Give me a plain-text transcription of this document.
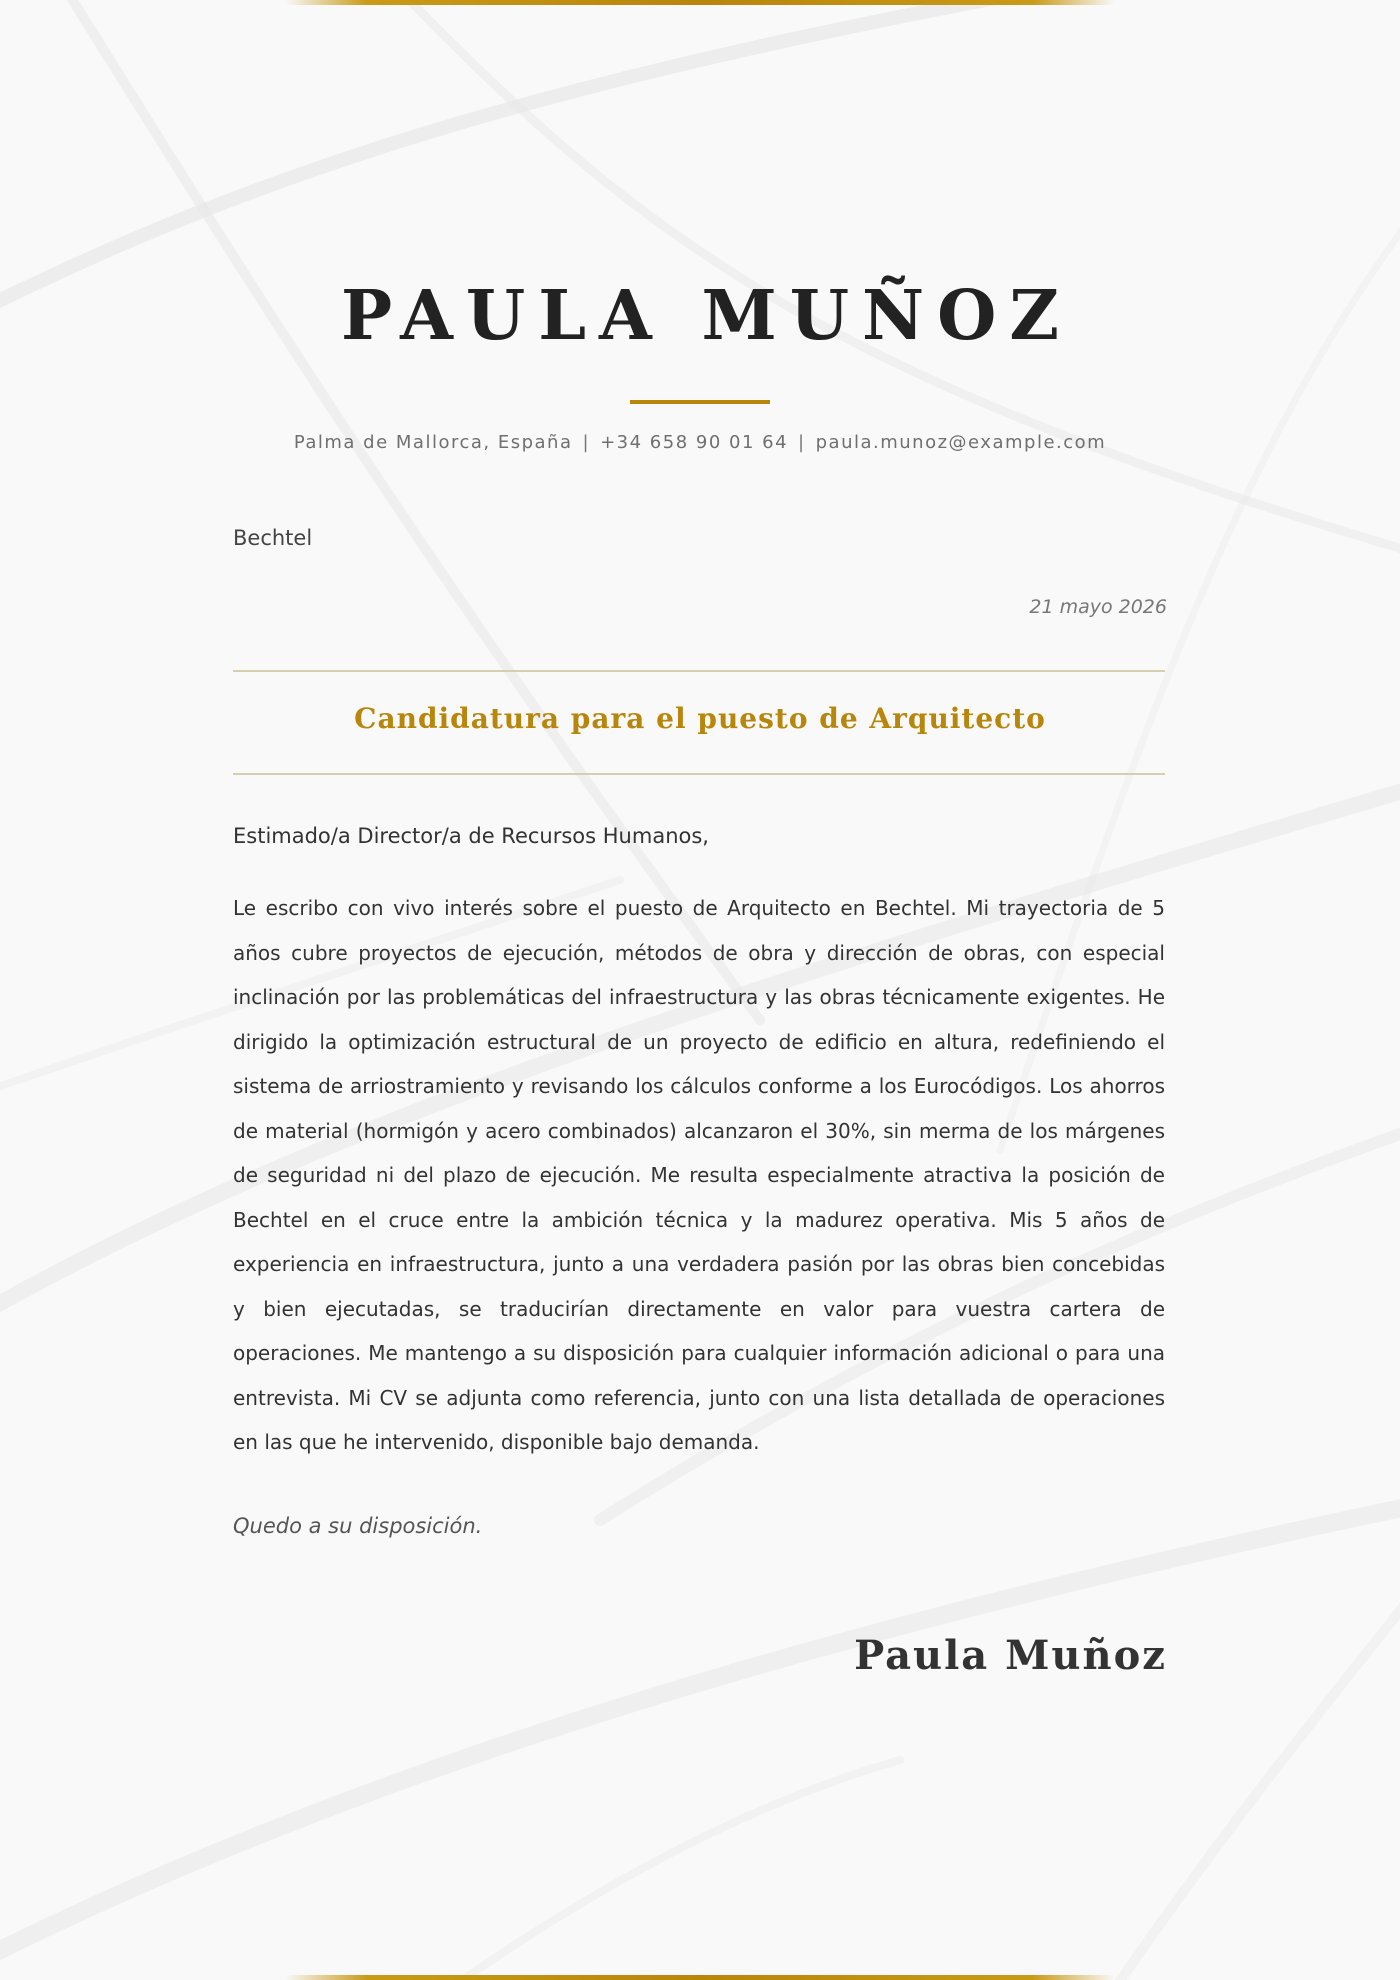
PAULA MUÑOZ
Palma de Mallorca, España | +34 658 90 01 64 | paula.munoz@example.com
Bechtel
21 mayo 2026
Candidatura para el puesto de Arquitecto
Estimado/a Director/a de Recursos Humanos,

Le escribo con vivo interés sobre el puesto de Arquitecto en Bechtel. Mi trayectoria de 5 años cubre proyectos de ejecución, métodos de obra y dirección de obras, con especial inclinación por las problemáticas del infraestructura y las obras técnicamente exigentes. He dirigido la optimización estructural de un proyecto de edificio en altura, redefiniendo el sistema de arriostramiento y revisando los cálculos conforme a los Eurocódigos. Los ahorros de material (hormigón y acero combinados) alcanzaron el 30%, sin merma de los márgenes de seguridad ni del plazo de ejecución. Me resulta especialmente atractiva la posición de Bechtel en el cruce entre la ambición técnica y la madurez operativa. Mis 5 años de experiencia en infraestructura, junto a una verdadera pasión por las obras bien concebidas y bien ejecutadas, se traducirían directamente en valor para vuestra cartera de operaciones. Me mantengo a su disposición para cualquier información adicional o para una entrevista. Mi CV se adjunta como referencia, junto con una lista detallada de operaciones en las que he intervenido, disponible bajo demanda.

Quedo a su disposición.
Paula Muñoz
